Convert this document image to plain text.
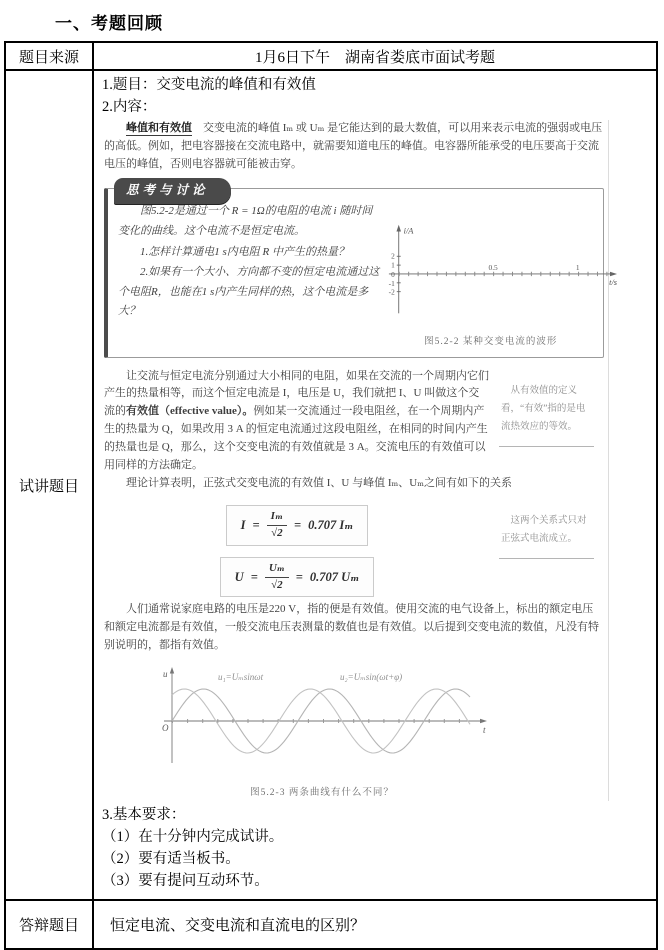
一、考题回顾
题目来源	1月6日下午　湖南省娄底市面试考题
试讲题目	
1.题目：交变电流的峰值和有效值
2.内容：

峰值和有效值　 交变电流的峰值 Iₘ 或 Uₘ 是它能达到的最大数值，可以用来表示电流的强弱或电压的高低。例如，把电容器接在交流电路中，就需要知道电压的峰值。电容器所能承受的电压要高于交流电压的峰值，否则电容器就可能被击穿。

思考与讨论

图5.2-2是通过一个 R = 1Ω的电阻的电流 i 随时间变化的曲线。这个电流不是恒定电流。

1.怎样计算通电1 s内电阻 R 中产生的热量？

2.如果有一个大小、方向都不变的恒定电流通过这个电阻R，也能在1 s内产生同样的热，这个电流是多大？

i/A
2
1
0
-1
-2
0.5	1
t/s
图5.2-2 某种交变电流的波形

让交流与恒定电流分别通过大小相同的电阻，如果在交流的一个周期内它们产生的热量相等，而这个恒定电流是 I，电压是 U，我们就把 I、U 叫做这个交流的有效值（effective value）。例如某一交流通过一段电阻丝，在一个周期内产生的热量为 Q，如果改用 3 A 的恒定电流通过这段电阻丝，在相同的时间内产生的热量也是 Q，那么，这个交变电流的有效值就是 3 A。交流电压的有效值可以用同样的方法确定。

从有效值的定义看，“有效”指的是电流热效应的等效。

理论计算表明，正弦式交变电流的有效值 I、U 与峰值 Iₘ、Uₘ之间有如下的关系

$I = \frac{\text{Iₘ}}{√2} = 0.707$ Iₘ
$U = \frac{\text{Uₘ}}{√2} = 0.707$ Uₘ
这两个关系式只对正弦式电流成立。

人们通常说家庭电路的电压是220 V，指的便是有效值。使用交流的电气设备上，标出的额定电压和额定电流都是有效值，一般交流电压表测量的数值也是有效值。以后提到交变电流的数值，凡没有特别说明的，都指有效值。

u₁=Uₘsinωt	u₂=Uₘsin(ωt+φ)
u
O	t
图5.2-3 两条曲线有什么不同？
3.基本要求：
（1）在十分钟内完成试讲。
（2）要有适当板书。
（3）要有提问互动环节。

答辩题目	恒定电流、交变电流和直流电的区别？
